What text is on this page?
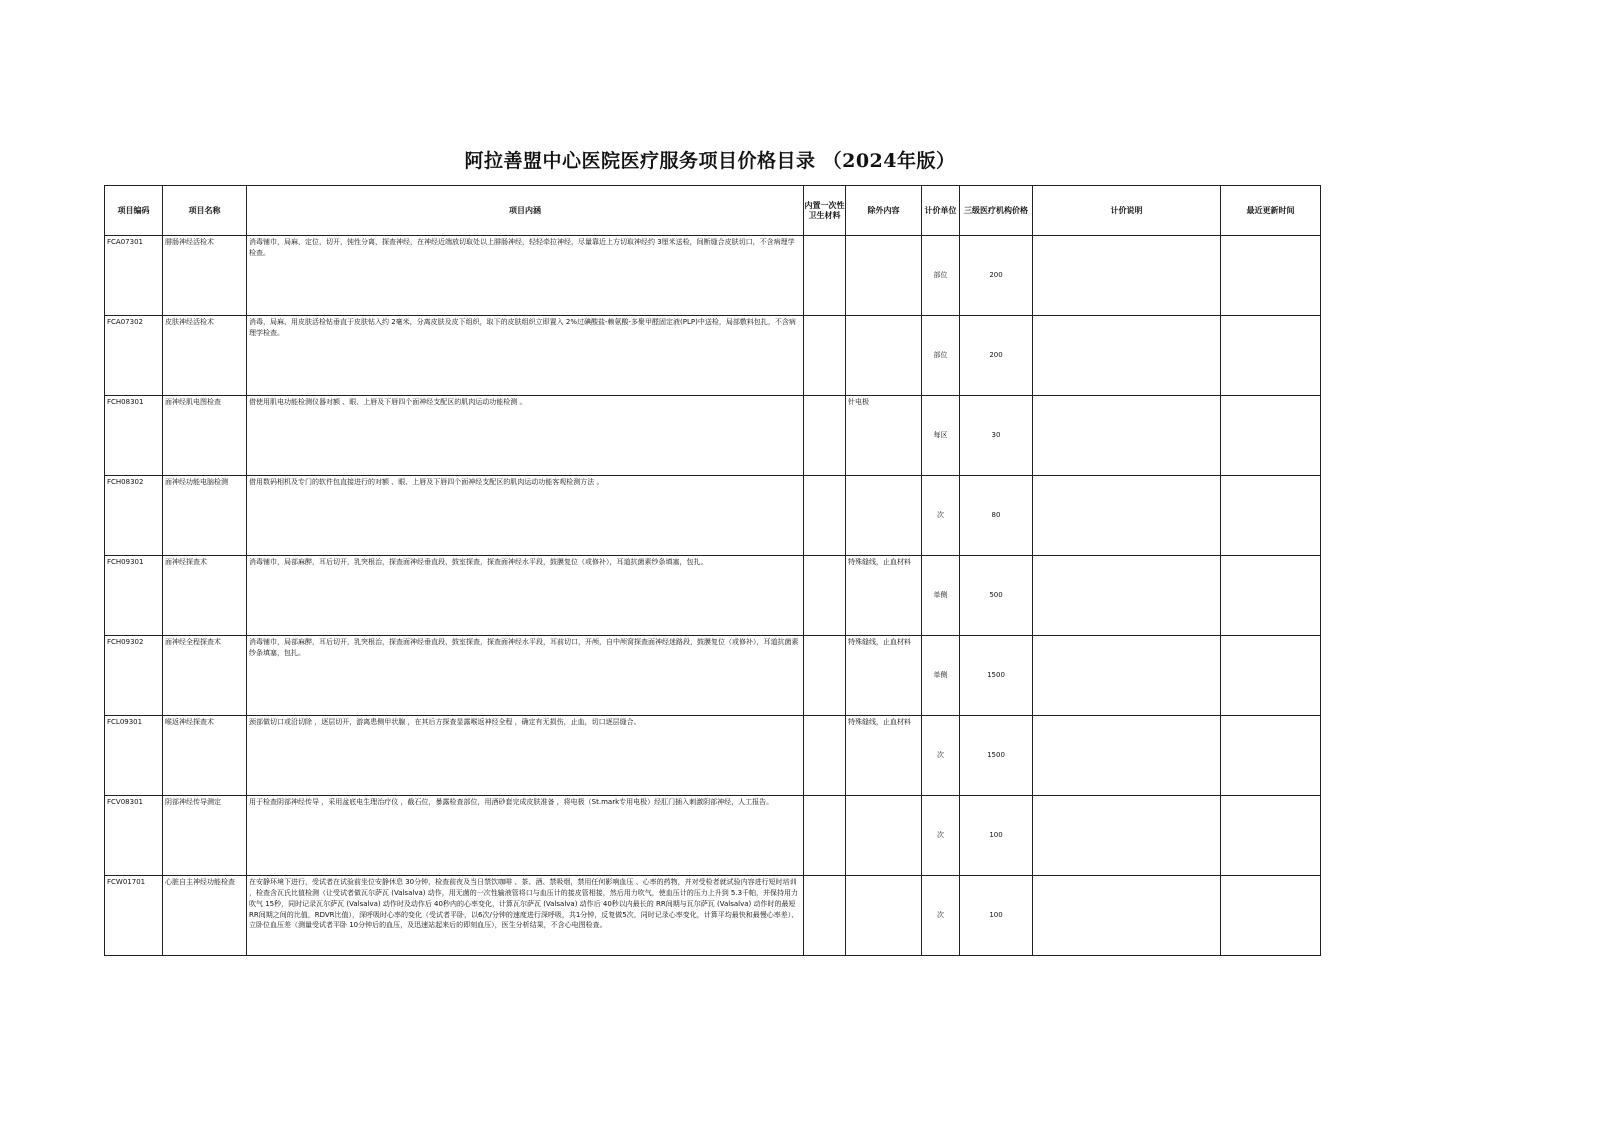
阿拉善盟中心医院医疗服务项目价格目录 （2024年版）
项目编码	项目名称	项目内涵	内置一次性卫生材料	除外内容	计价单位	三级医疗机构价格	计价说明	最近更新时间
FCA07301	腓肠神经活检术	消毒铺巾，局麻，定位，切开，钝性分离，探查神经，在神经近端放切取处以上腓肠神经，轻轻牵拉神经，尽量靠近上方切取神经约 3厘米送检，间断缝合皮肤切口，不含病理学检查。			部位	200		
FCA07302	皮肤神经活检术	消毒，局麻，用皮肤活检钻垂直于皮肤钻入约 2毫米，分离皮肤及皮下组织，取下的皮肤组织立即置入 2%过碘酸盐-赖氨酸-多聚甲醛固定液(PLP)中送检，局部敷料包扎，不含病理学检查。			部位	200		
FCH08301	面神经肌电图检查	借使用肌电功能检测仪器对额 、眼、上唇及下唇四个面神经支配区的肌肉运动功能检测 。		针电极	每区	30		
FCH08302	面神经功能电脑检测	借用数码相机及专门的软件包直接进行的对额 、眼、上唇及下唇四个面神经支配区的肌肉运动功能客观检测方法 。			次	80		
FCH09301	面神经探查术	消毒铺巾，局部麻醉，耳后切开，乳突根治，探查面神经垂直段，鼓室探查，探查面神经水平段，鼓膜复位（或修补），耳道抗菌素纱条填塞，包扎。		特殊缝线，止血材料	单侧	500		
FCH09302	面神经全程探查术	消毒铺巾，局部麻醉，耳后切开，乳突根治，探查面神经垂直段，鼓室探查，探查面神经水平段，耳前切口，开颅，自中颅窝探查面神经迷路段，鼓膜复位（或修补），耳道抗菌素纱条填塞，包扎。		特殊缝线，止血材料	单侧	1500		
FCL09301	喉返神经探查术	颈部做切口或沿切除 ，逐层切开，游离患侧甲状腺 ，在其后方探查显露喉返神经全程 ，确定有无损伤，止血，切口逐层缝合。		特殊缝线，止血材料	次	1500		
FCV08301	阴部神经传导测定	用于检查阴部神经传导 ，采用盆底电生理治疗仪 ，截石位，暴露检查部位，用酒砂套完成皮肤准备 ，将电极（St.mark专用电极）经肛门插入刺激阴部神经，人工报告。			次	100		
FCW01701	心脏自主神经功能检查	在安静环境下进行，受试者在试验前坐位安静休息 30分钟，检查前夜及当日禁饮咖啡 、茶、酒、禁吸烟，禁用任何影响血压 、心率的药物，并对受检者就试验内容进行短时培训 ，检查含瓦氏比值检测（让受试者做瓦尔萨瓦 (Valsalva) 动作，用无菌的一次性输液管将口与血压计的接皮管相接，然后用力吹气，使血压计的压力上升到 5.3千帕，并保持用力吹气 15秒，同时记录瓦尔萨瓦 (Valsalva) 动作时及动作后 40秒内的心率变化，计算瓦尔萨瓦 (Valsalva) 动作后 40秒以内最长的 RR间期与瓦尔萨瓦 (Valsalva) 动作时的最短 RR间期之间的比值，RDVR比值），深呼吸时心率的变化（受试者平卧，以6次/分钟的速度进行深呼吸，共1分钟，反复做5次，同时记录心率变化，计算平均最快和最慢心率差）、立卧位血压差（测量受试者平卧 10分钟后的血压，及迅速站起来后的即刻血压），医生分析结果，不含心电图检查。			次	100		
